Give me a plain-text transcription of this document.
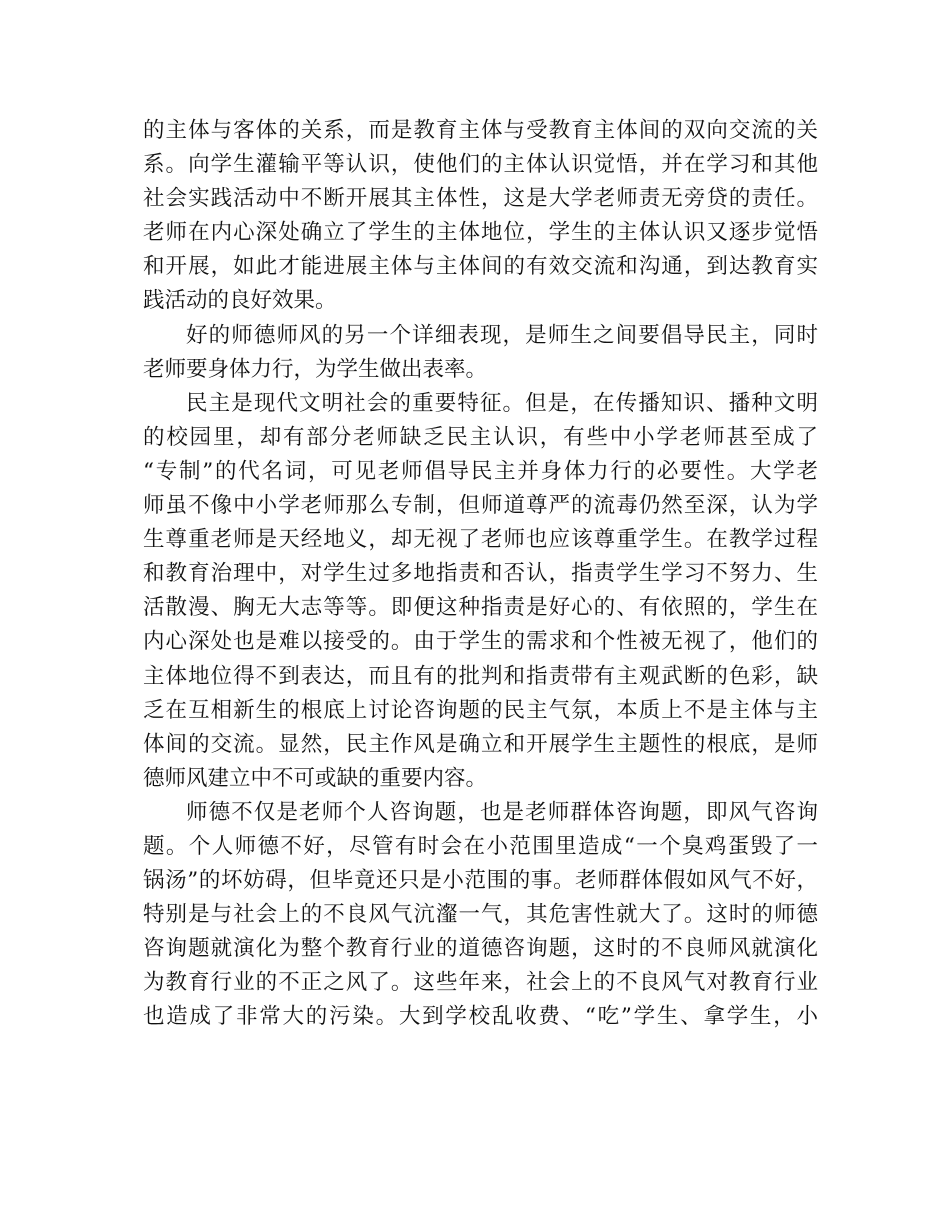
的主体与客体的关系，而是教育主体与受教育主体间的双向交流的关
系。向学生灌输平等认识，使他们的主体认识觉悟，并在学习和其他
社会实践活动中不断开展其主体性，这是大学老师责无旁贷的责任。
老师在内心深处确立了学生的主体地位，学生的主体认识又逐步觉悟
和开展，如此才能进展主体与主体间的有效交流和沟通，到达教育实
践活动的良好效果。
好的师德师风的另一个详细表现，是师生之间要倡导民主，同时
老师要身体力行，为学生做出表率。
民主是现代文明社会的重要特征。但是，在传播知识、播种文明
的校园里，却有部分老师缺乏民主认识，有些中小学老师甚至成了
“专制”的代名词，可见老师倡导民主并身体力行的必要性。大学老
师虽不像中小学老师那么专制，但师道尊严的流毒仍然至深，认为学
生尊重老师是天经地义，却无视了老师也应该尊重学生。在教学过程
和教育治理中，对学生过多地指责和否认，指责学生学习不努力、生
活散漫、胸无大志等等。即便这种指责是好心的、有依照的，学生在
内心深处也是难以接受的。由于学生的需求和个性被无视了，他们的
主体地位得不到表达，而且有的批判和指责带有主观武断的色彩，缺
乏在互相新生的根底上讨论咨询题的民主气氛，本质上不是主体与主
体间的交流。显然，民主作风是确立和开展学生主题性的根底，是师
德师风建立中不可或缺的重要内容。
师德不仅是老师个人咨询题，也是老师群体咨询题，即风气咨询
题。个人师德不好，尽管有时会在小范围里造成“一个臭鸡蛋毁了一
锅汤”的坏妨碍，但毕竟还只是小范围的事。老师群体假如风气不好，
特别是与社会上的不良风气沆瀣一气，其危害性就大了。这时的师德
咨询题就演化为整个教育行业的道德咨询题，这时的不良师风就演化
为教育行业的不正之风了。这些年来，社会上的不良风气对教育行业
也造成了非常大的污染。大到学校乱收费、“吃”学生、拿学生，小
